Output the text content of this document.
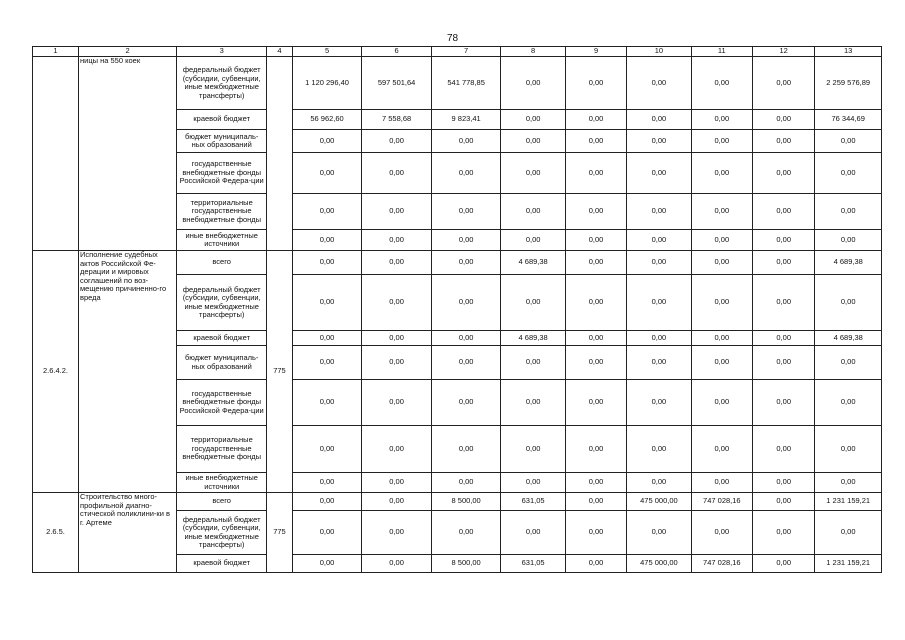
78
1	2	3	4	5	6	7	8	9	10	11	12	13
	ницы на 550 коек	федеральный бюджет (субсидии, субвенции, иные межбюджетные трансферты)		1 120 296,40	597 501,64	541 778,85	0,00	0,00	0,00	0,00	0,00	2 259 576,89
		краевой бюджет		56 962,60	7 558,68	9 823,41	0,00	0,00	0,00	0,00	0,00	76 344,69
		бюджет муниципаль-ных образований		0,00	0,00	0,00	0,00	0,00	0,00	0,00	0,00	0,00
		государственные внебюджетные фонды Российской Федера-ции		0,00	0,00	0,00	0,00	0,00	0,00	0,00	0,00	0,00
		территориальные государственные внебюджетные фонды		0,00	0,00	0,00	0,00	0,00	0,00	0,00	0,00	0,00
		иные внебюджетные источники		0,00	0,00	0,00	0,00	0,00	0,00	0,00	0,00	0,00
2.6.4.2.	Исполнение судебных актов Российской Фе-дерации и мировых соглашений по воз-мещению причиненно-го вреда	всего	775	0,00	0,00	0,00	4 689,38	0,00	0,00	0,00	0,00	4 689,38
		федеральный бюджет (субсидии, субвенции, иные межбюджетные трансферты)		0,00	0,00	0,00	0,00	0,00	0,00	0,00	0,00	0,00
		краевой бюджет		0,00	0,00	0,00	4 689,38	0,00	0,00	0,00	0,00	4 689,38
		бюджет муниципаль-ных образований		0,00	0,00	0,00	0,00	0,00	0,00	0,00	0,00	0,00
		государственные внебюджетные фонды Российской Федера-ции		0,00	0,00	0,00	0,00	0,00	0,00	0,00	0,00	0,00
		территориальные государственные внебюджетные фонды		0,00	0,00	0,00	0,00	0,00	0,00	0,00	0,00	0,00
		иные внебюджетные источники		0,00	0,00	0,00	0,00	0,00	0,00	0,00	0,00	0,00
2.6.5.	Строительство много-профильной диагно-стической поликлини-ки в г. Артеме	всего	775	0,00	0,00	8 500,00	631,05	0,00	475 000,00	747 028,16	0,00	1 231 159,21
		федеральный бюджет (субсидии, субвенции, иные межбюджетные трансферты)		0,00	0,00	0,00	0,00	0,00	0,00	0,00	0,00	0,00
		краевой бюджет		0,00	0,00	8 500,00	631,05	0,00	475 000,00	747 028,16	0,00	1 231 159,21
